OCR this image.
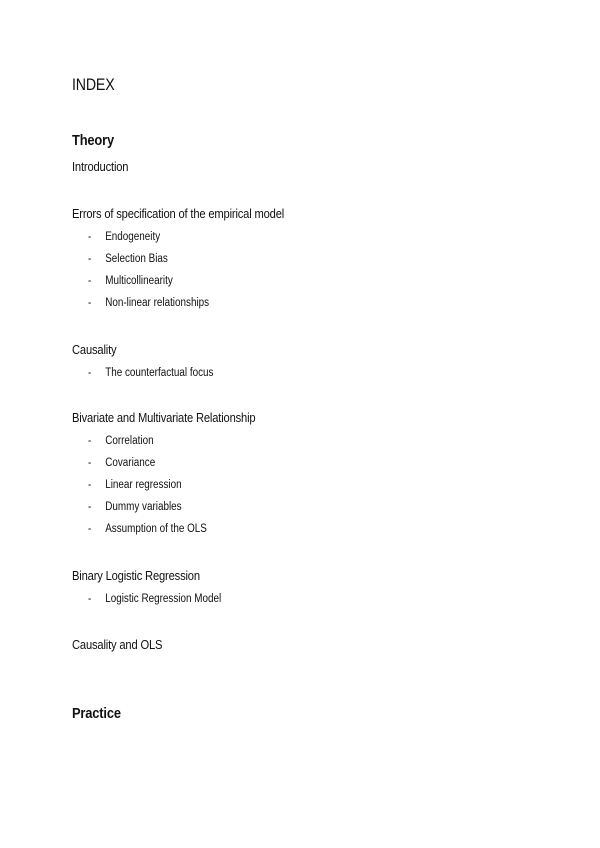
INDEX
Theory
Introduction
Errors of specification of the empirical model
- Endogeneity
- Selection Bias
- Multicollinearity
- Non-linear relationships
Causality
- The counterfactual focus
Bivariate and Multivariate Relationship
- Correlation
- Covariance
- Linear regression
- Dummy variables
- Assumption of the OLS
Binary Logistic Regression
- Logistic Regression Model
Causality and OLS
Practice
